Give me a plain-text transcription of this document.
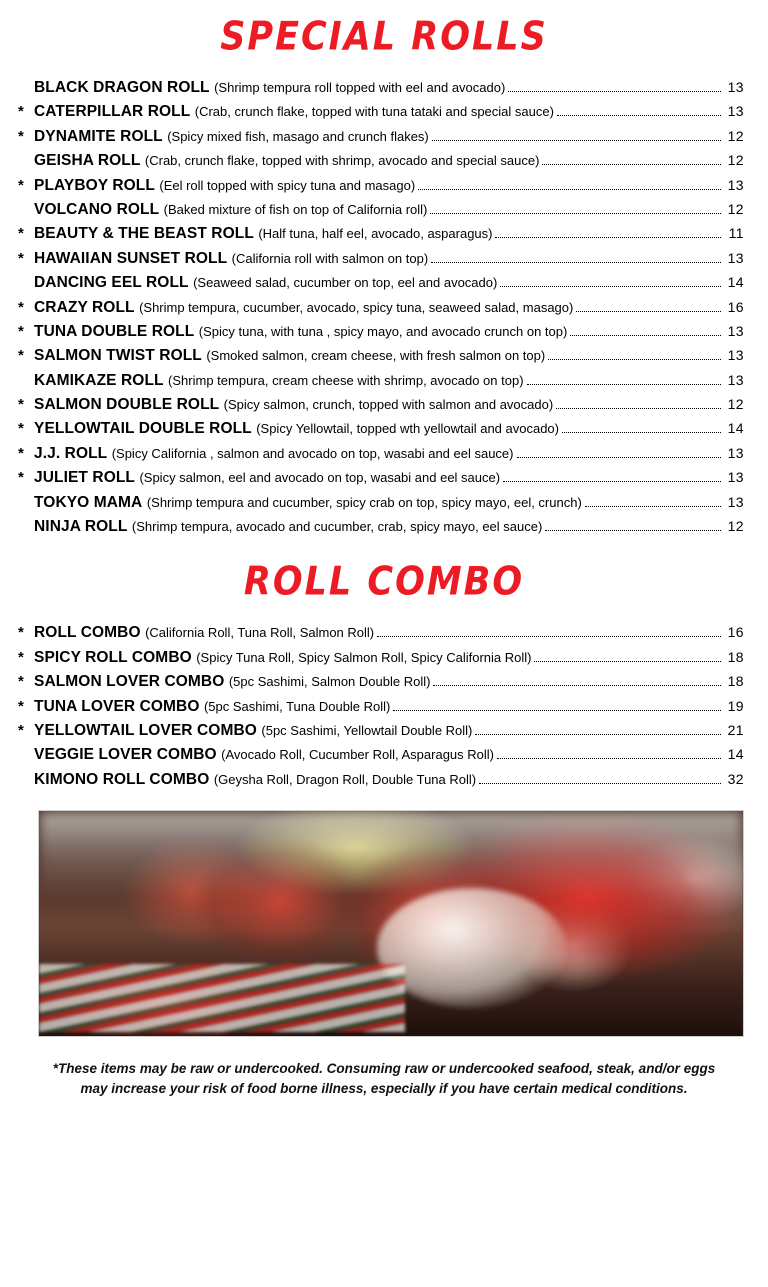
SPECIAL ROLLS
BLACK DRAGON ROLL (Shrimp tempura roll topped with eel and avocado)	13
* CATERPILLAR ROLL (Crab, crunch flake, topped with tuna tataki and special sauce)	13
* DYNAMITE ROLL (Spicy mixed fish, masago and crunch flakes)	12
GEISHA ROLL (Crab, crunch flake, topped with shrimp, avocado and special sauce)	12
* PLAYBOY ROLL (Eel roll topped with spicy tuna and masago)	13
VOLCANO ROLL (Baked mixture of fish on top of California roll)	12
* BEAUTY & THE BEAST ROLL (Half tuna, half eel, avocado, asparagus)	11
* HAWAIIAN SUNSET ROLL (California roll with salmon on top)	13
DANCING EEL ROLL (Seaweed salad, cucumber on top, eel and avocado)	14
* CRAZY ROLL (Shrimp tempura, cucumber, avocado, spicy tuna, seaweed salad, masago)	16
* TUNA DOUBLE ROLL (Spicy tuna, with tuna , spicy mayo, and avocado crunch on top)	13
* SALMON TWIST ROLL (Smoked salmon, cream cheese, with fresh salmon on top)	13
KAMIKAZE ROLL (Shrimp tempura, cream cheese with shrimp, avocado on top)	13
* SALMON DOUBLE ROLL (Spicy salmon, crunch, topped with salmon and avocado)	12
* YELLOWTAIL DOUBLE ROLL (Spicy Yellowtail, topped wth yellowtail and avocado)	14
* J.J. ROLL (Spicy California , salmon and avocado on top, wasabi and eel sauce)	13
* JULIET ROLL (Spicy salmon, eel and avocado on top, wasabi and eel sauce)	13
TOKYO MAMA (Shrimp tempura and cucumber, spicy crab on top, spicy mayo, eel, crunch)	13
NINJA ROLL (Shrimp tempura, avocado and cucumber, crab, spicy mayo, eel sauce)	12
ROLL COMBO
* ROLL COMBO (California Roll, Tuna Roll, Salmon Roll)	16
* SPICY ROLL COMBO (Spicy Tuna Roll, Spicy Salmon Roll, Spicy California Roll)	18
* SALMON LOVER COMBO (5pc Sashimi, Salmon Double Roll)	18
* TUNA LOVER COMBO (5pc Sashimi, Tuna Double Roll)	19
* YELLOWTAIL LOVER COMBO (5pc Sashimi, Yellowtail Double Roll)	21
VEGGIE LOVER COMBO (Avocado Roll, Cucumber Roll, Asparagus Roll)	14
KIMONO ROLL COMBO (Geysha Roll, Dragon Roll, Double Tuna Roll)	32
*These items may be raw or undercooked. Consuming raw or undercooked seafood, steak, and/or eggs
may increase your risk of food borne illness, especially if you have certain medical conditions.
